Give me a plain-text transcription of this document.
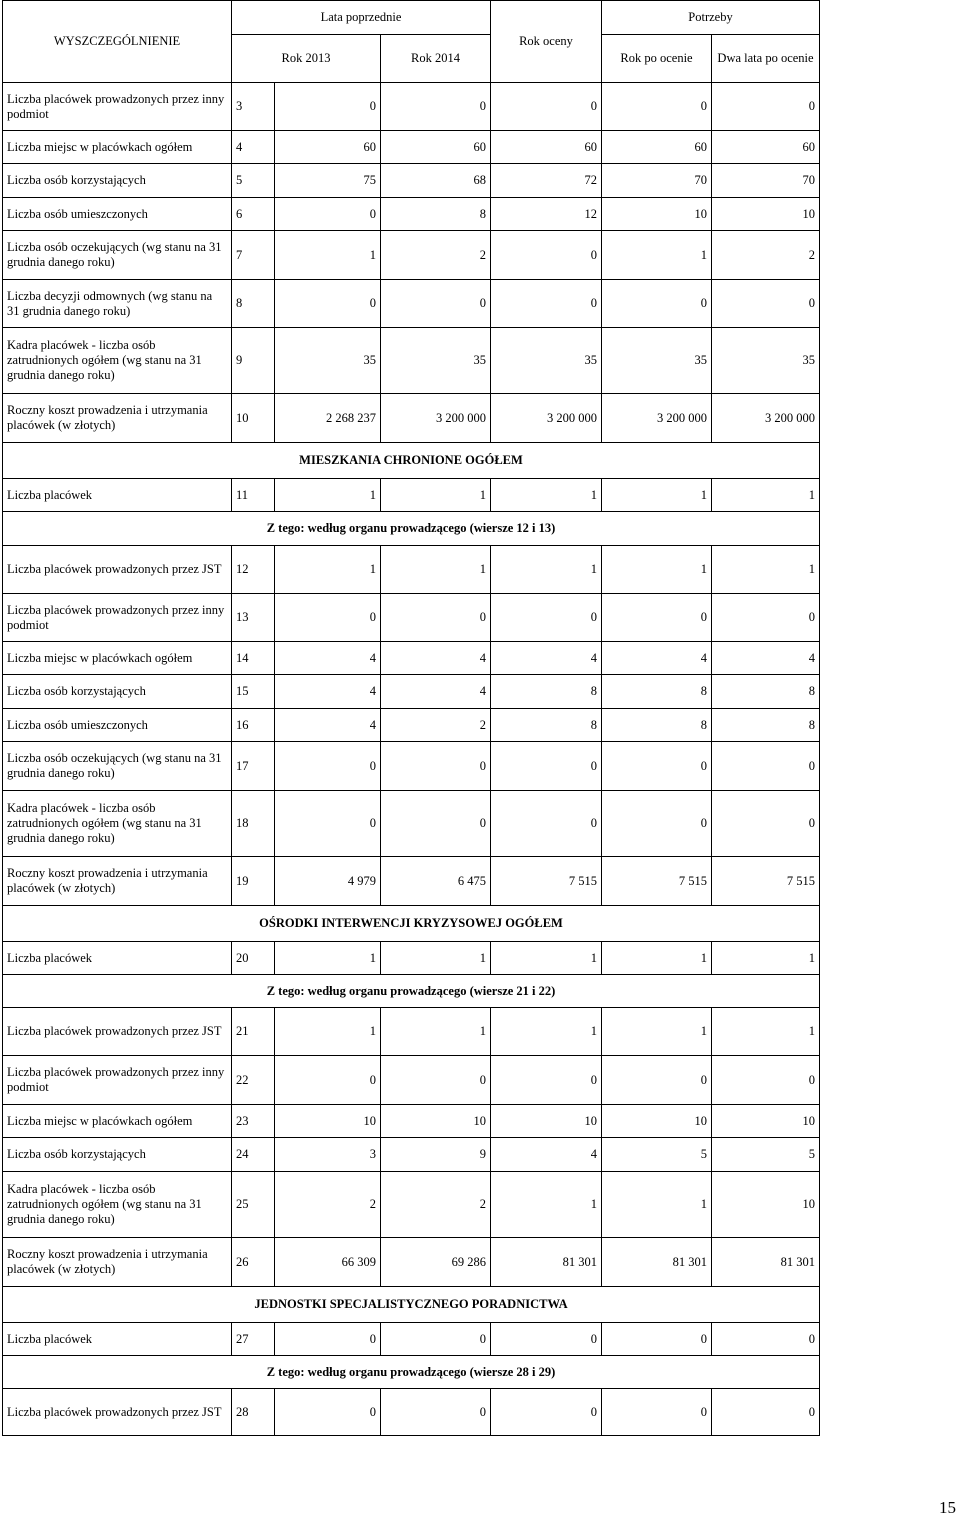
WYSZCZEGÓLNIENIE	Lata poprzednie			Rok oceny	Potrzeby	
	Rok 2013		Rok 2014		Rok po ocenie	Dwa lata po ocenie
Liczba placówek prowadzonych przez inny podmiot	3	0	0	0	0	0
Liczba miejsc w placówkach ogółem	4	60	60	60	60	60
Liczba osób korzystających	5	75	68	72	70	70
Liczba osób umieszczonych	6	0	8	12	10	10
Liczba osób oczekujących (wg stanu na 31 grudnia danego roku)	7	1	2	0	1	2
Liczba decyzji odmownych (wg stanu na 31 grudnia danego roku)	8	0	0	0	0	0
Kadra placówek - liczba osób zatrudnionych ogółem (wg stanu na 31 grudnia danego roku)	9	35	35	35	35	35
Roczny koszt prowadzenia i utrzymania placówek (w złotych)	10	2 268 237	3 200 000	3 200 000	3 200 000	3 200 000
MIESZKANIA CHRONIONE OGÓŁEM						
Liczba placówek	11	1	1	1	1	1
Z tego: według organu prowadzącego (wiersze 12 i 13)						
Liczba placówek prowadzonych przez JST	12	1	1	1	1	1
Liczba placówek prowadzonych przez inny podmiot	13	0	0	0	0	0
Liczba miejsc w placówkach ogółem	14	4	4	4	4	4
Liczba osób korzystających	15	4	4	8	8	8
Liczba osób umieszczonych	16	4	2	8	8	8
Liczba osób oczekujących (wg stanu na 31 grudnia danego roku)	17	0	0	0	0	0
Kadra placówek - liczba osób zatrudnionych ogółem (wg stanu na 31 grudnia danego roku)	18	0	0	0	0	0
Roczny koszt prowadzenia i utrzymania placówek (w złotych)	19	4 979	6 475	7 515	7 515	7 515
OŚRODKI INTERWENCJI KRYZYSOWEJ OGÓŁEM						
Liczba placówek	20	1	1	1	1	1
Z tego: według organu prowadzącego (wiersze 21 i 22)						
Liczba placówek prowadzonych przez JST	21	1	1	1	1	1
Liczba placówek prowadzonych przez inny podmiot	22	0	0	0	0	0
Liczba miejsc w placówkach ogółem	23	10	10	10	10	10
Liczba osób korzystających	24	3	9	4	5	5
Kadra placówek - liczba osób zatrudnionych ogółem (wg stanu na 31 grudnia danego roku)	25	2	2	1	1	10
Roczny koszt prowadzenia i utrzymania placówek (w złotych)	26	66 309	69 286	81 301	81 301	81 301
JEDNOSTKI SPECJALISTYCZNEGO PORADNICTWA						
Liczba placówek	27	0	0	0	0	0
Z tego: według organu prowadzącego (wiersze 28 i 29)						
Liczba placówek prowadzonych przez JST	28	0	0	0	0	0
15
